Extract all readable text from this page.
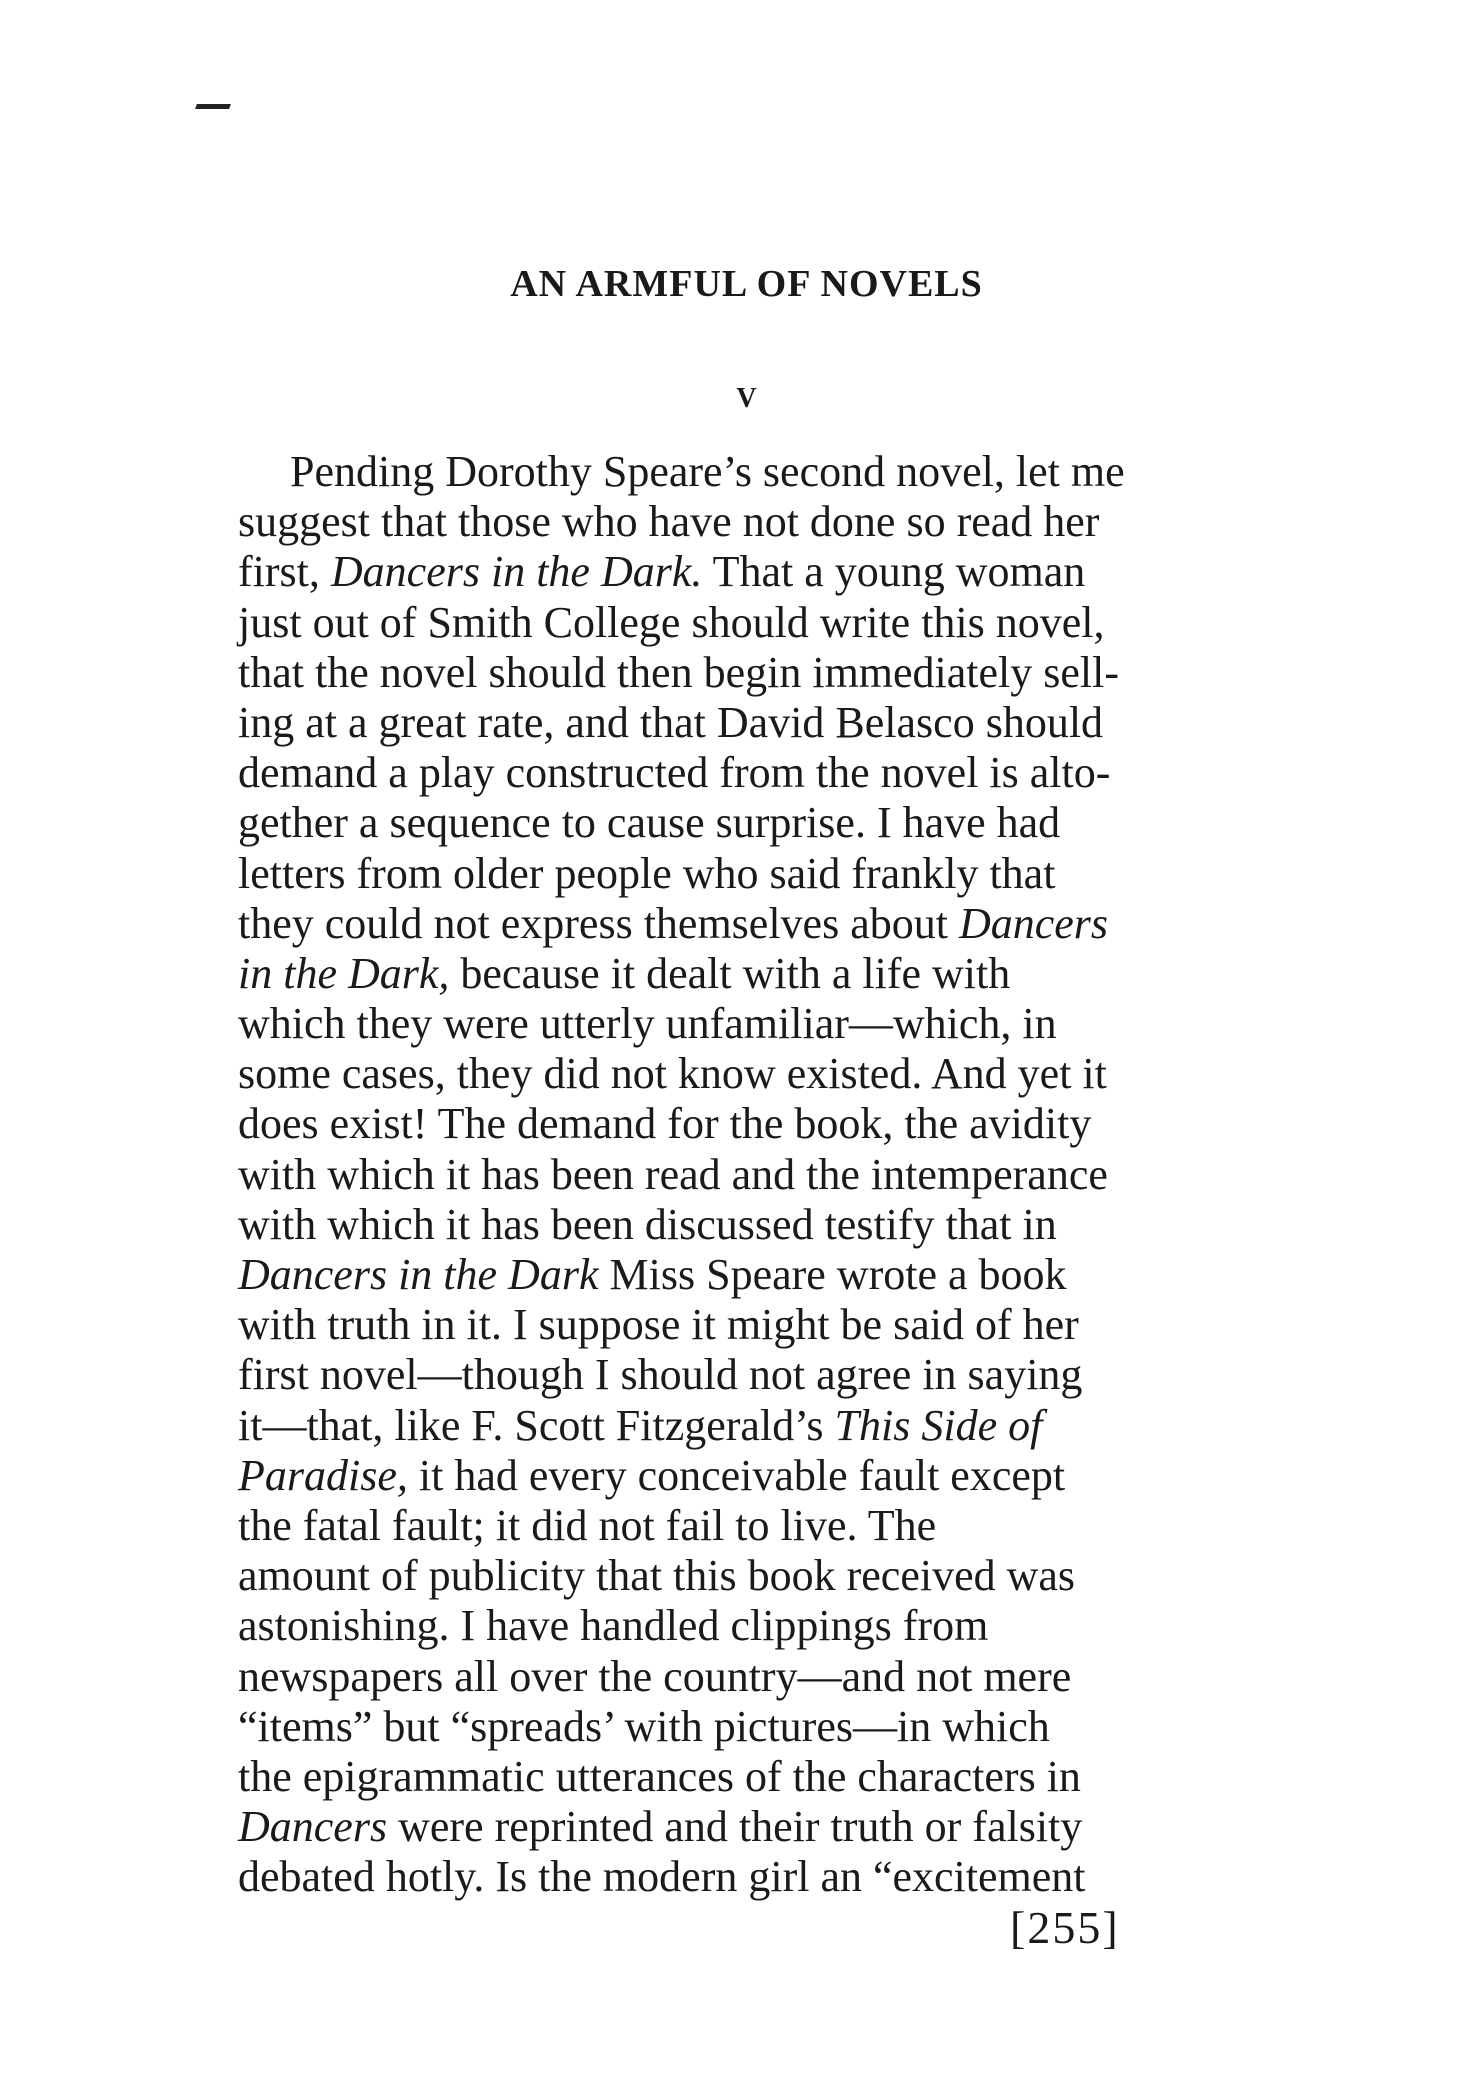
AN ARMFUL OF NOVELS
V
Pending Dorothy Speare’s second novel, let me
suggest that those who have not done so read her
first, Dancers in the Dark. That a young woman
just out of Smith College should write this novel,
that the novel should then begin immediately sell-
ing at a great rate, and that David Belasco should
demand a play constructed from the novel is alto-
gether a sequence to cause surprise. I have had
letters from older people who said frankly that
they could not express themselves about Dancers
in the Dark, because it dealt with a life with
which they were utterly unfamiliar—which, in
some cases, they did not know existed. And yet it
does exist! The demand for the book, the avidity
with which it has been read and the intemperance
with which it has been discussed testify that in
Dancers in the Dark Miss Speare wrote a book
with truth in it. I suppose it might be said of her
first novel—though I should not agree in saying
it—that, like F. Scott Fitzgerald’s This Side of
Paradise, it had every conceivable fault except
the fatal fault; it did not fail to live. The
amount of publicity that this book received was
astonishing. I have handled clippings from
newspapers all over the country—and not mere
“items” but “spreads’ with pictures—in which
the epigrammatic utterances of the characters in
Dancers were reprinted and their truth or falsity
debated hotly. Is the modern girl an “excitement
[255]
